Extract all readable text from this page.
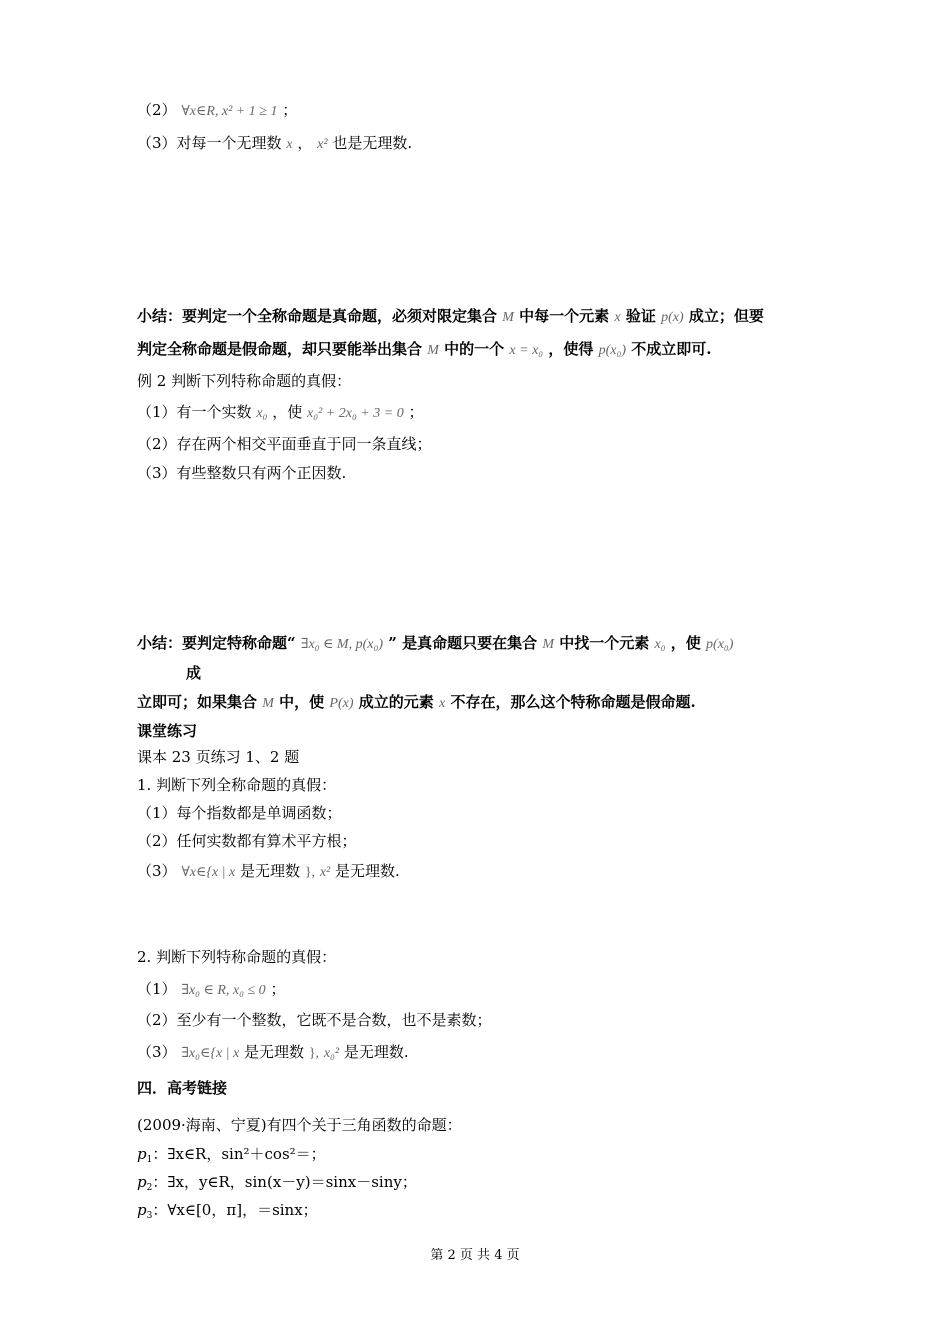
（2） ∀x∈R, x² + 1 ≥ 1 ；
（3）对每一个无理数 x ， x² 也是无理数.
小结：要判定一个全称命题是真命题，必须对限定集合 M 中每一个元素 x 验证 p(x) 成立；但要
判定全称命题是假命题，却只要能举出集合 M 中的一个 x = x₀ ，使得 p(x₀) 不成立即可.
例 2 判断下列特称命题的真假：
（1）有一个实数 x₀ ，使 x₀² + 2x₀ + 3 = 0 ；
（2）存在两个相交平面垂直于同一条直线；
（3）有些整数只有两个正因数.
小结：要判定特称命题“ ∃x₀ ∈ M, p(x₀) ” 是真命题只要在集合 M 中找一个元素 x₀ ，使 p(x₀)
成
立即可；如果集合 M 中，使 P(x) 成立的元素 x 不存在，那么这个特称命题是假命题.
课堂练习
课本 23 页练习 1、2 题
1. 判断下列全称命题的真假：
（1）每个指数都是单调函数；
（2）任何实数都有算术平方根；
（3） ∀x∈{x | x 是无理数 }, x² 是无理数.
2. 判断下列特称命题的真假：
（1） ∃x₀ ∈ R, x₀ ≤ 0 ；
（2）至少有一个整数，它既不是合数，也不是素数；
（3） ∃x₀∈{x | x 是无理数 }, x₀² 是无理数.
四．高考链接
(2009·海南、宁夏)有四个关于三角函数的命题：
$p_1$：∃x∈R，sin²＋cos²＝；
$p_2$：∃x，y∈R，sin(x－y)＝sinx－siny；
$p_3$：∀x∈[0，π]，＝sinx；
第 2 页 共 4 页
